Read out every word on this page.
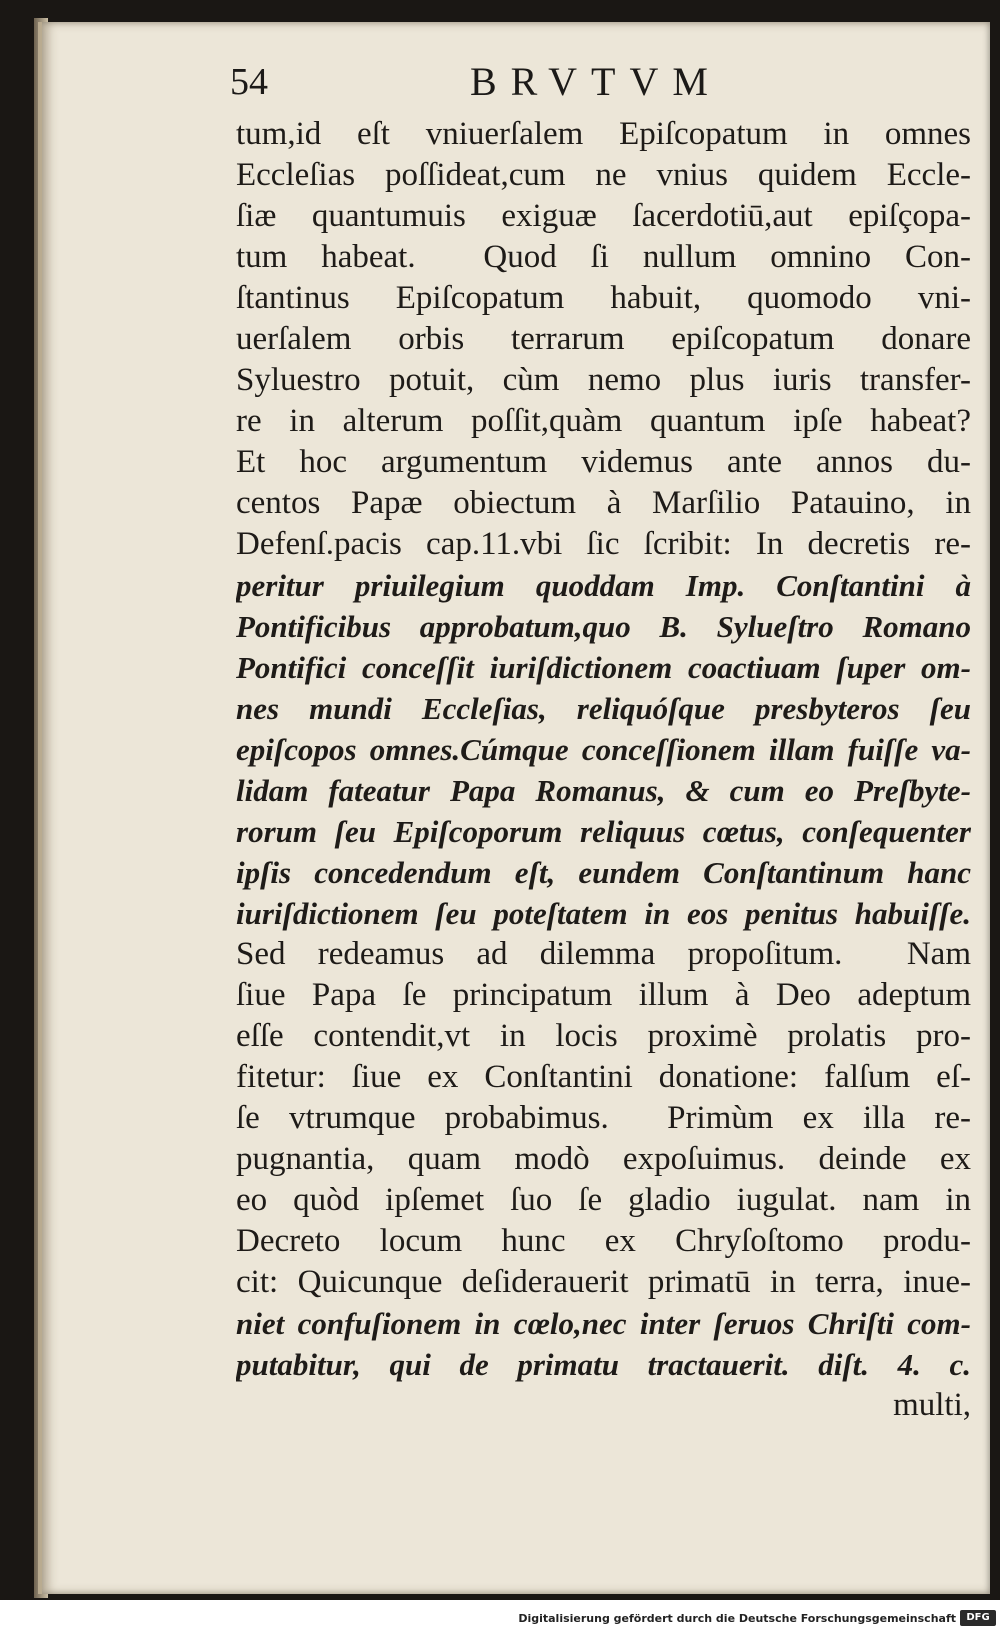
54	BRVTVM
tum,id eſt vniuerſalem Epiſcopatum in omnes
Eccleſias poſſideat,cum ne vnius quidem Eccle-
ſiæ quantumuis exiguæ ſacerdotiū,aut epiſçopa-
tum habeat.  Quod ſi nullum omnino Con-
ſtantinus Epiſcopatum habuit, quomodo vni-
uerſalem orbis terrarum epiſcopatum donare
Syluestro potuit, cùm nemo plus iuris transfer-
re in alterum poſſit,quàm quantum ipſe habeat?
Et hoc argumentum videmus ante annos du-
centos Papæ obiectum à Marſilio Patauino, in
Defenſ.pacis cap.11.vbi ſic ſcribit: In decretis re-
peritur priuilegium quoddam Imp. Conſtantini à
Pontificibus approbatum,quo B. Sylueſtro Romano
Pontifici conceſſit iuriſdictionem coactiuam ſuper om-
nes mundi Eccleſias, reliquóſque presbyteros ſeu
epiſcopos omnes.Cúmque conceſſionem illam fuiſſe va-
lidam fateatur Papa Romanus, & cum eo Preſbyte-
rorum ſeu Epiſcoporum reliquus cœtus, conſequenter
ipſis concedendum eſt, eundem Conſtantinum hanc
iuriſdictionem ſeu poteſtatem in eos penitus habuiſſe.
Sed redeamus ad dilemma propoſitum.  Nam
ſiue Papa ſe principatum illum à Deo adeptum
eſſe contendit,vt in locis proximè prolatis pro-
fitetur: ſiue ex Conſtantini donatione: falſum eſ-
ſe vtrumque probabimus.  Primùm ex illa re-
pugnantia, quam modò expoſuimus. deinde ex
eo quòd ipſemet ſuo ſe gladio iugulat. nam in
Decreto locum hunc ex Chryſoſtomo produ-
cit: Quicunque deſiderauerit primatū in terra, inue-
niet confuſionem in cœlo,nec inter ſeruos Chriſti com-
putabitur, qui de primatu tractauerit. diſt. 4. c.
multi,
Digitalisierung gefördert durch die Deutsche Forschungsgemeinschaft	DFG
